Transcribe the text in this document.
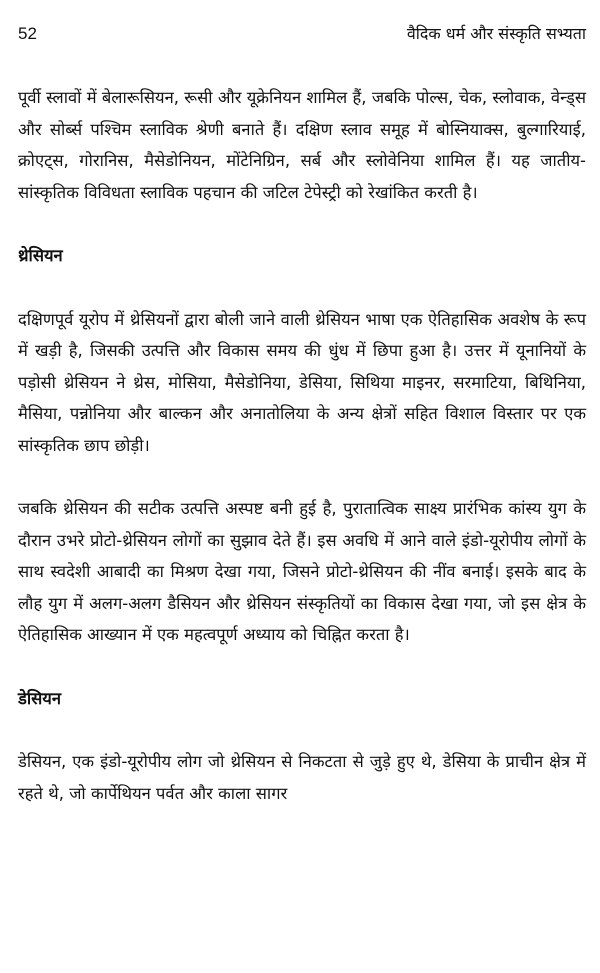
52	वैदिक धर्म और संस्कृति सभ्यता

पूर्वी स्लावों में बेलारूसियन, रूसी और यूक्रेनियन शामिल हैं, जबकि पोल्स, चेक, स्लोवाक, वेन्ड्स और सोर्ब्स पश्चिम स्लाविक श्रेणी बनाते हैं। दक्षिण स्लाव समूह में बोस्नियाक्स, बुल्गारियाई, क्रोएट्स, गोरानिस, मैसेडोनियन, मोंटेनिग्रिन, सर्ब और स्लोवेनिया शामिल हैं। यह जातीय-सांस्कृतिक विविधता स्लाविक पहचान की जटिल टेपेस्ट्री को रेखांकित करती है।

थ्रेसियन

दक्षिणपूर्व यूरोप में थ्रेसियनों द्वारा बोली जाने वाली थ्रेसियन भाषा एक ऐतिहासिक अवशेष के रूप में खड़ी है, जिसकी उत्पत्ति और विकास समय की धुंध में छिपा हुआ है। उत्तर में यूनानियों के पड़ोसी थ्रेसियन ने थ्रेस, मोसिया, मैसेडोनिया, डेसिया, सिथिया माइनर, सरमाटिया, बिथिनिया, मैसिया, पन्नोनिया और बाल्कन और अनातोलिया के अन्य क्षेत्रों सहित विशाल विस्तार पर एक सांस्कृतिक छाप छोड़ी।

जबकि थ्रेसियन की सटीक उत्पत्ति अस्पष्ट बनी हुई है, पुरातात्विक साक्ष्य प्रारंभिक कांस्य युग के दौरान उभरे प्रोटो-थ्रेसियन लोगों का सुझाव देते हैं। इस अवधि में आने वाले इंडो-यूरोपीय लोगों के साथ स्वदेशी आबादी का मिश्रण देखा गया, जिसने प्रोटो-थ्रेसियन की नींव बनाई। इसके बाद के लौह युग में अलग-अलग डैसियन और थ्रेसियन संस्कृतियों का विकास देखा गया, जो इस क्षेत्र के ऐतिहासिक आख्यान में एक महत्वपूर्ण अध्याय को चिह्नित करता है।

डेसियन

डेसियन, एक इंडो-यूरोपीय लोग जो थ्रेसियन से निकटता से जुड़े हुए थे, डेसिया के प्राचीन क्षेत्र में रहते थे, जो कार्पेथियन पर्वत और काला सागर
